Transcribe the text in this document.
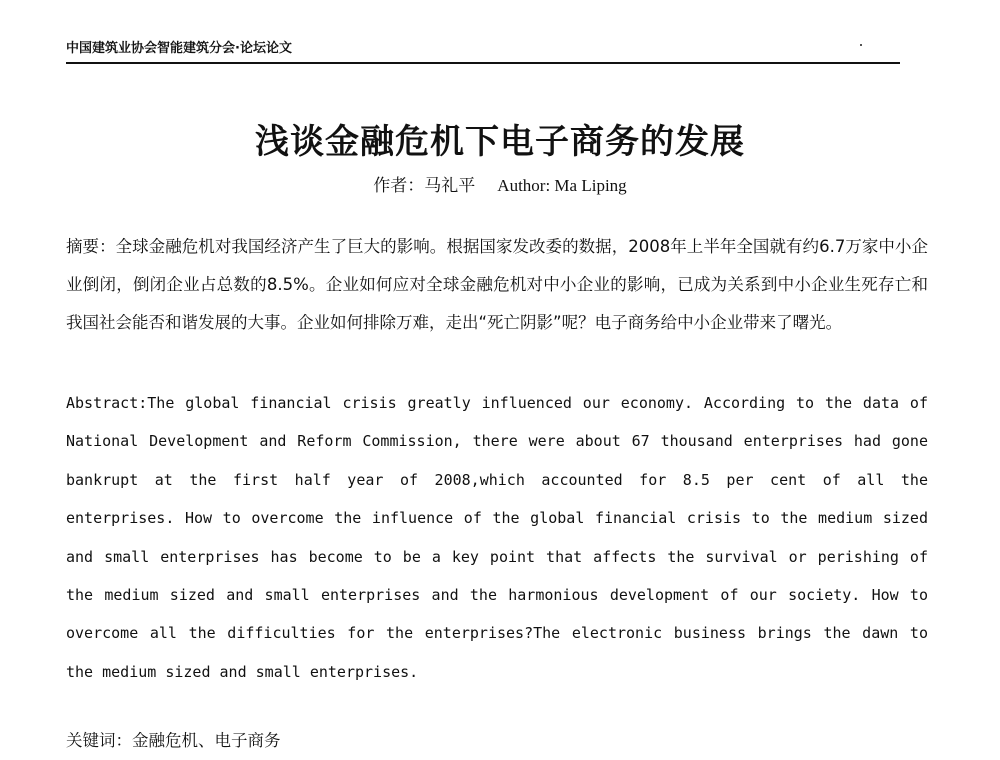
中国建筑业协会智能建筑分会·论坛论文
浅谈金融危机下电子商务的发展
作者：马礼平 Author: Ma Liping

摘要：全球金融危机对我国经济产生了巨大的影响。根据国家发改委的数据，2008年上半年全国就有约6.7万家中小企业倒闭，倒闭企业占总数的8.5%。企业如何应对全球金融危机对中小企业的影响，已成为关系到中小企业生死存亡和我国社会能否和谐发展的大事。企业如何排除万难，走出“死亡阴影”呢？电子商务给中小企业带来了曙光。

Abstract:The global financial crisis greatly influenced our economy. According to the data of National Development and Reform Commission, there were about 67 thousand enterprises had gone bankrupt at the first half year of 2008,which accounted for 8.5 per cent of all the enterprises. How to overcome the influence of the global financial crisis to the medium sized and small enterprises has become to be a key point that affects the survival or perishing of the medium sized and small enterprises and the harmonious development of our society. How to overcome all the difficulties for the enterprises?The electronic business brings the dawn to the medium sized and small enterprises.

关键词：金融危机、电子商务
